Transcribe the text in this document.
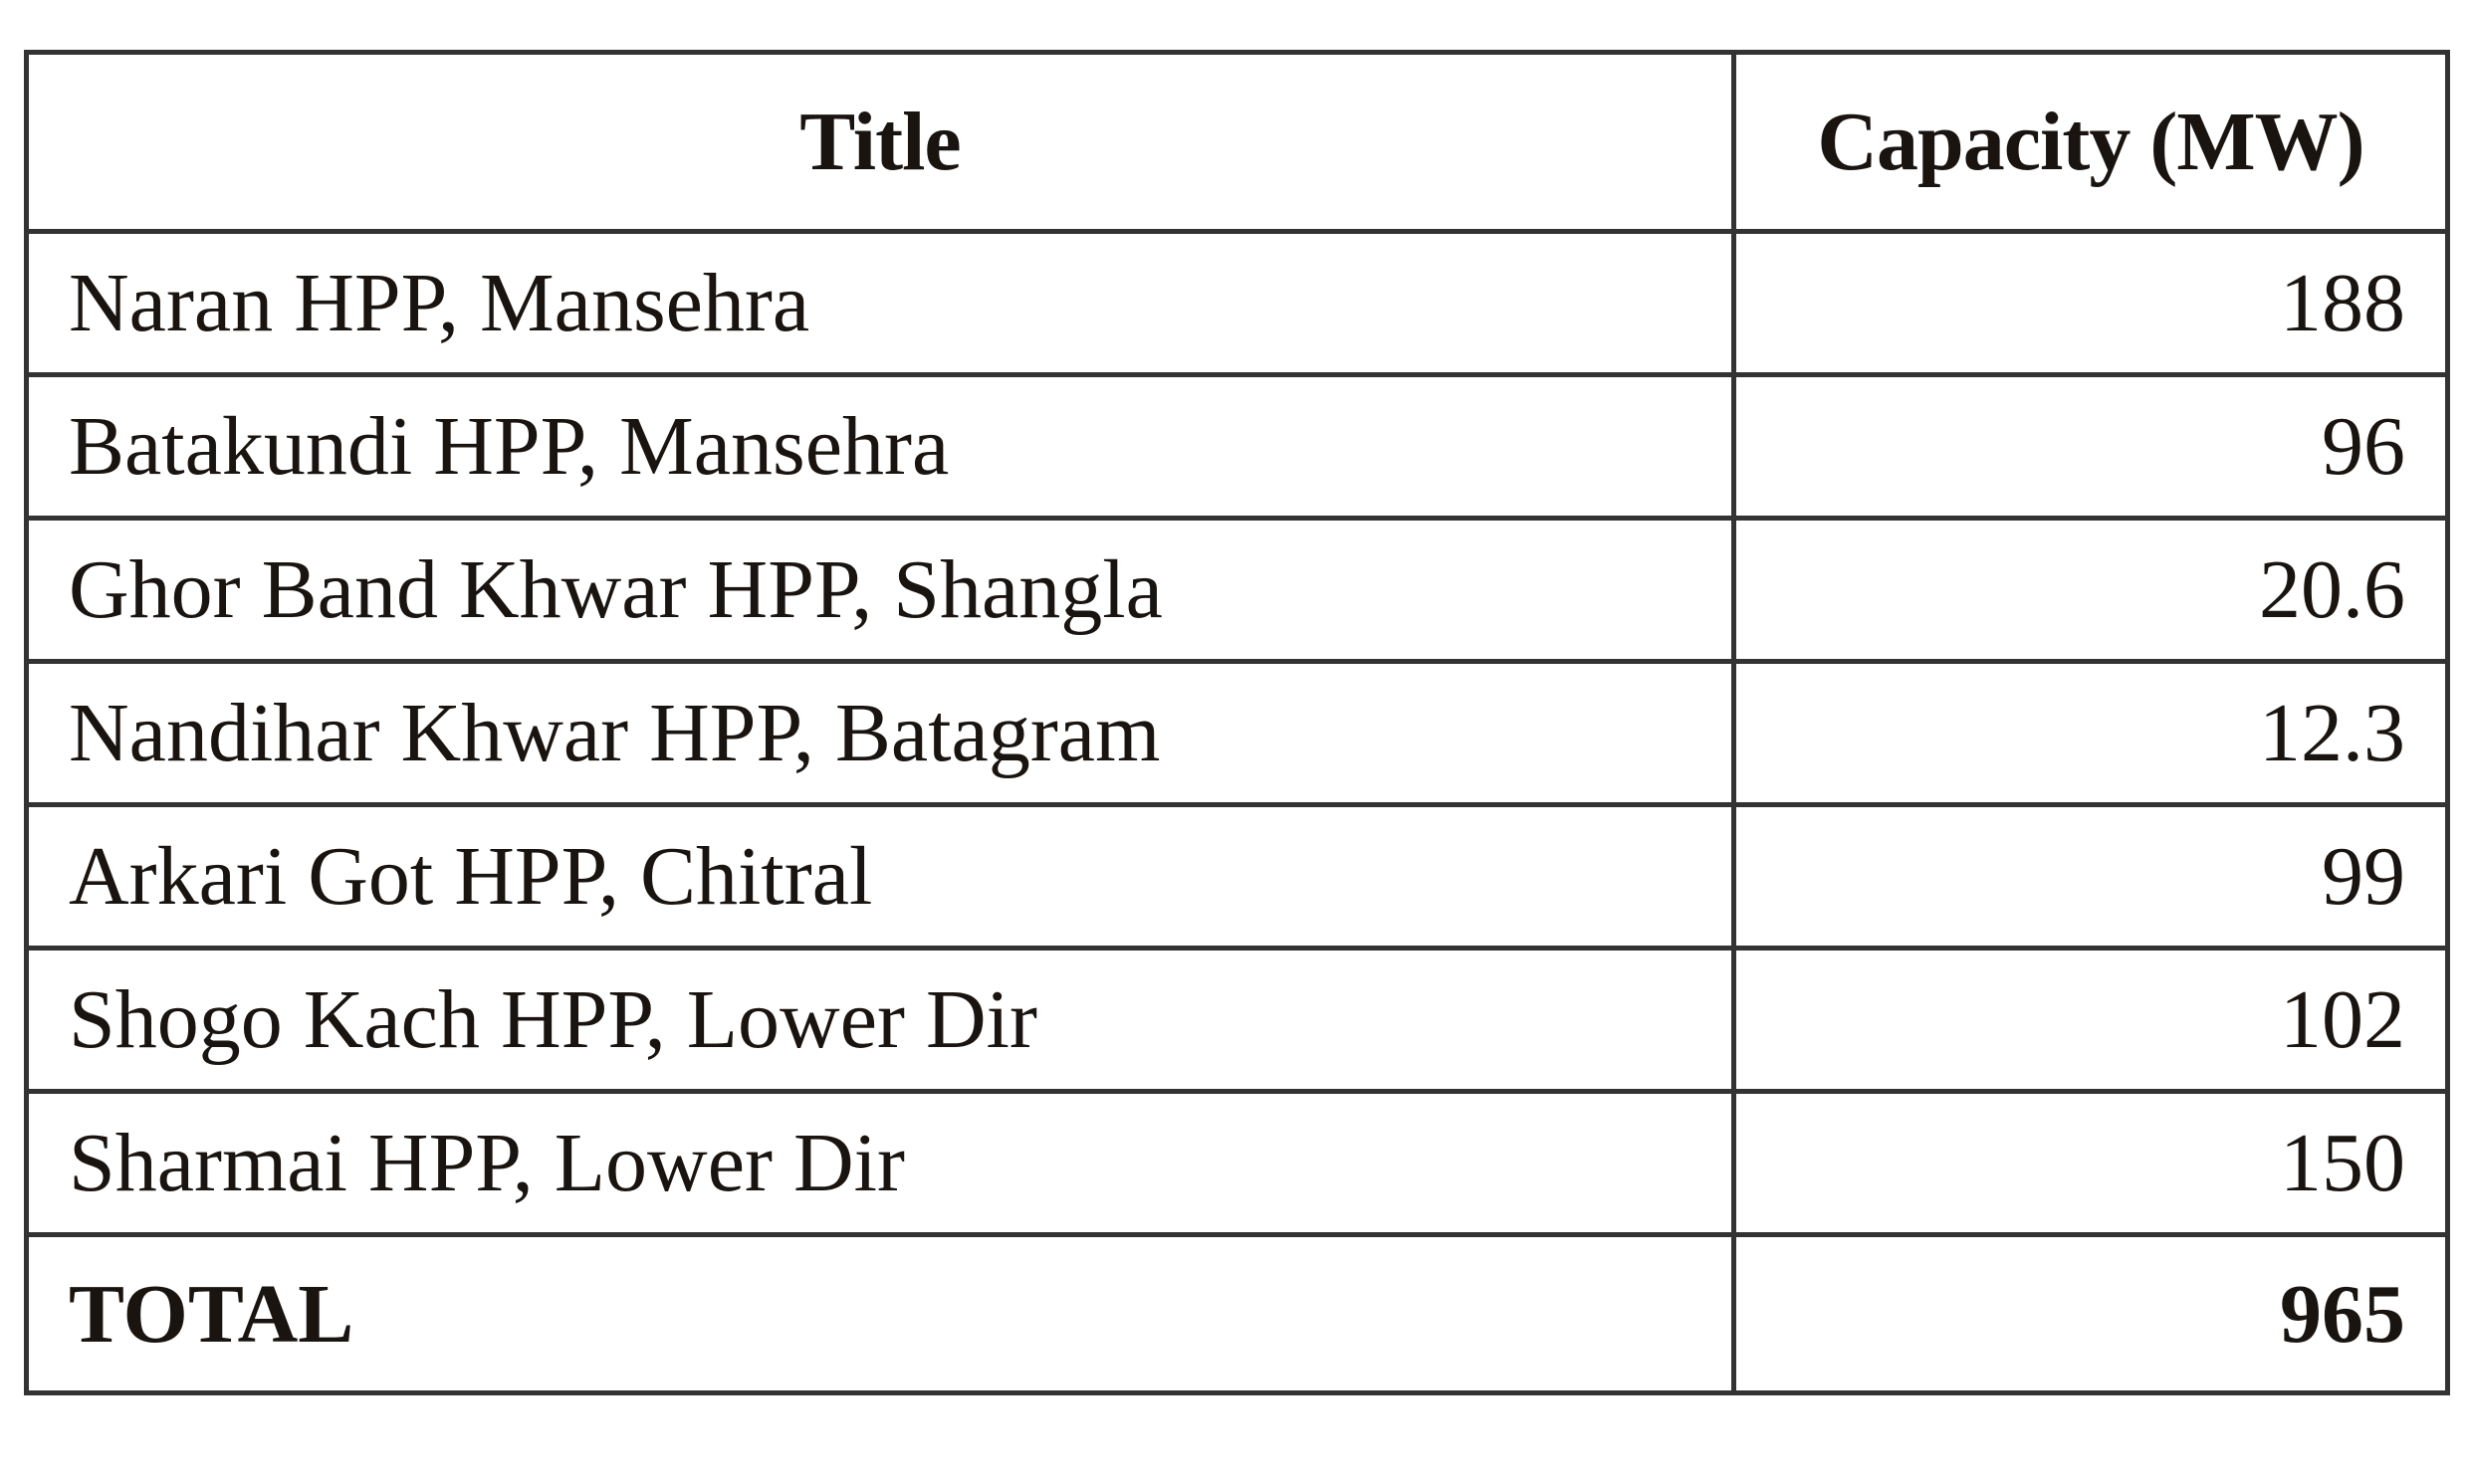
Title	Capacity (MW)
Naran HPP, Mansehra	188
Batakundi HPP, Mansehra	96
Ghor Band Khwar HPP, Shangla	20.6
Nandihar Khwar HPP, Batagram	12.3
Arkari Got HPP, Chitral	99
Shogo Kach HPP, Lower Dir	102
Sharmai HPP, Lower Dir	150
TOTAL	965
